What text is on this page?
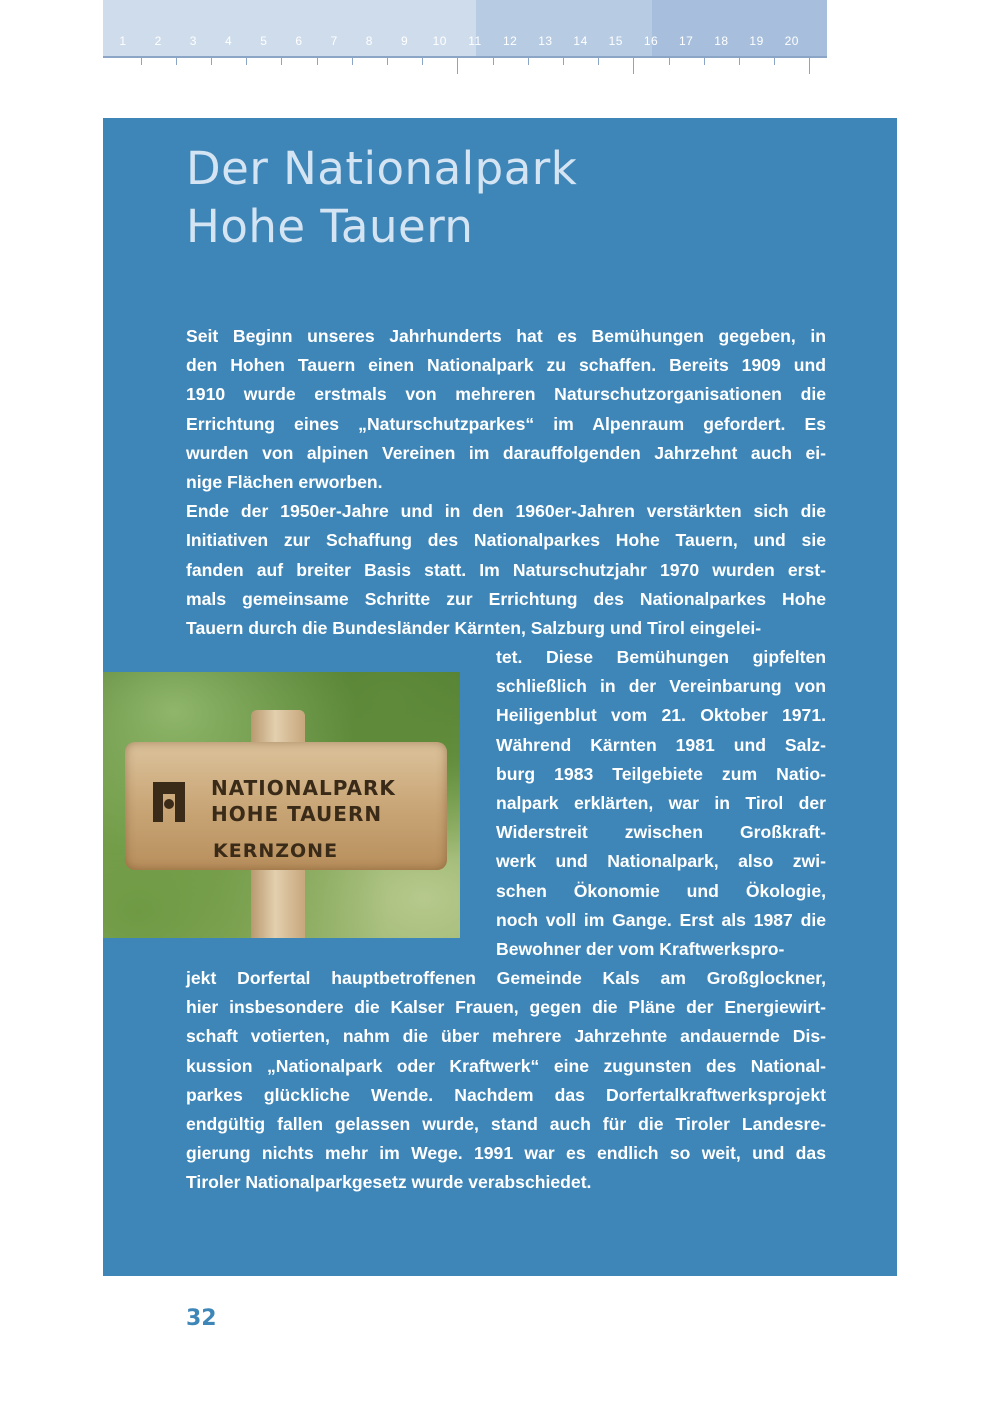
1	2	3	4	5	6	7	8	9	10	11	12	13	14	15	16	17	18	19	20
Der Nationalpark
Hohe Tauern
Seit Beginn unseres Jahrhunderts hat es Bemühungen gegeben, in
den Hohen Tauern einen Nationalpark zu schaffen. Bereits 1909 und
1910 wurde erstmals von mehreren Naturschutzorganisationen die
Errichtung eines „Naturschutzparkes“ im Alpenraum gefordert. Es
wurden von alpinen Vereinen im darauffolgenden Jahrzehnt auch ei-
nige Flächen erworben.
Ende der 1950er-Jahre und in den 1960er-Jahren verstärkten sich die
Initiativen zur Schaffung des Nationalparkes Hohe Tauern, und sie
fanden auf breiter Basis statt. Im Naturschutzjahr 1970 wurden erst-
mals gemeinsame Schritte zur Errichtung des Nationalparkes Hohe
Tauern durch die Bundesländer Kärnten, Salzburg und Tirol eingelei-
tet. Diese Bemühungen gipfelten
schließlich in der Vereinbarung von
Heiligenblut vom 21. Oktober 1971.
Während Kärnten 1981 und Salz-
burg 1983 Teilgebiete zum Natio-
nalpark erklärten, war in Tirol der
Widerstreit zwischen Großkraft-
werk und Nationalpark, also zwi-
schen Ökonomie und Ökologie,
noch voll im Gange. Erst als 1987 die
Bewohner der vom Kraftwerkspro-
jekt Dorfertal hauptbetroffenen Gemeinde Kals am Großglockner,
hier insbesondere die Kalser Frauen, gegen die Pläne der Energiewirt-
schaft votierten, nahm die über mehrere Jahrzehnte andauernde Dis-
kussion „Nationalpark oder Kraftwerk“ eine zugunsten des National-
parkes glückliche Wende. Nachdem das Dorfertalkraftwerksprojekt
endgültig fallen gelassen wurde, stand auch für die Tiroler Landesre-
gierung nichts mehr im Wege. 1991 war es endlich so weit, und das
Tiroler Nationalparkgesetz wurde verabschiedet.

NATIONALPARK

HOHE TAUERN

KERNZONE

32
